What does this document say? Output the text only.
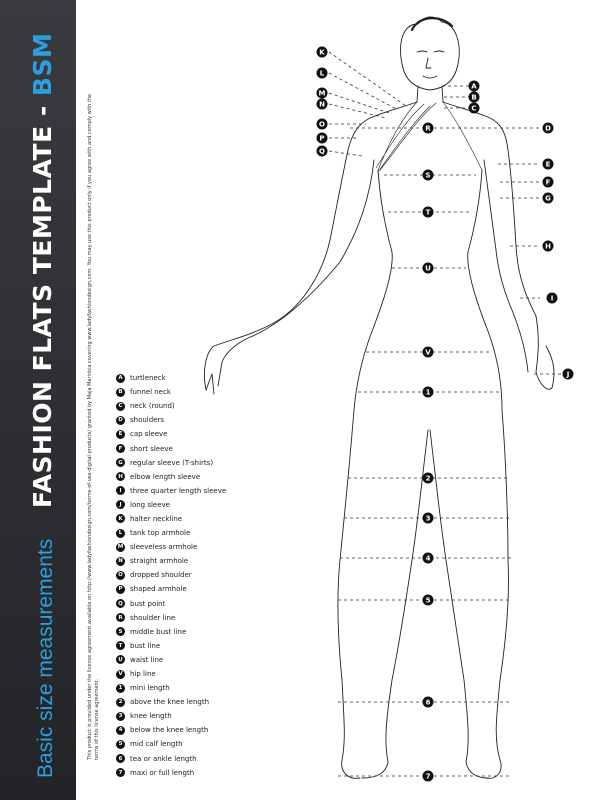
FASHION FLATS TEMPLATE - BSM
Basic size measurements	This product is provided under the license agreement available on http://www.ladyfashiondesign.com/terms-of-use-digital-products/ granted by Maja Marinkia covering www.ladyfashiondesign.com. You may use this product only if you agree with and comply with the terms of this license agreement.
A	turtleneck
B	funnel neck
C	neck (round)
D	shoulders
E	cap sleeve
F	short sleeve
G	regular sleeve (T-shirts)
H	elbow length sleeve
I	three quarter length sleeve
J	long sleeve
K	halter neckline
L	tank top armhole
M sleeveless armhole
N	straight armhole
O	dropped shoulder
P	shaped armhole
Q	bust point
R	shoulder line
S	middle bust line
T	bust line
U	waist line
V	hip line
1	mini length
2	above the knee length
3	knee length
4	below the knee length
5	mid calf length
6	tea or ankle length
7	maxi or full length
R
S
T
U
V
1
2
3
4
5
6
7
A
B
C
D
E
F
G
H
I
J
K
L
M
N
O
P
Q
